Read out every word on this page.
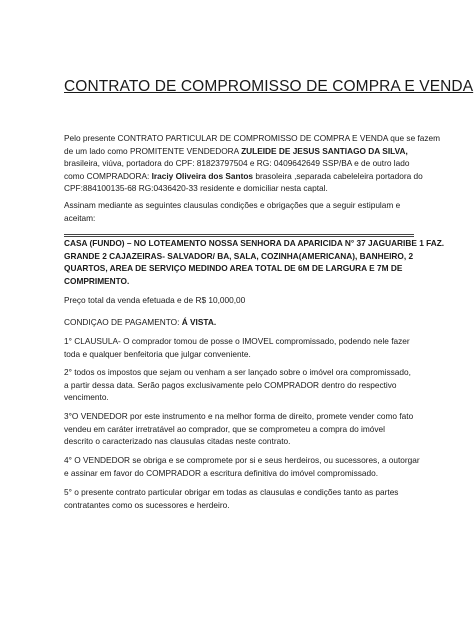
CONTRATO DE COMPROMISSO DE COMPRA E VENDA
Pelo presente CONTRATO PARTICULAR DE COMPROMISSO DE COMPRA E VENDA que se fazem
de um lado como PROMITENTE VENDEDORA ZULEIDE DE JESUS SANTIAGO DA SILVA,
brasileira, viúva, portadora do CPF: 81823797504 e RG: 0409642649 SSP/BA e de outro lado
como COMPRADORA: Iraciy Oliveira dos Santos brasoleira ,separada cabeleleira portadora do
CPF:884100135-68 RG:0436420-33 residente e domiciliar nesta captal.
Assinam mediante as seguintes clausulas condições e obrigações que a seguir estipulam e
aceitam:
CASA (FUNDO) – NO LOTEAMENTO NOSSA SENHORA DA APARICIDA N° 37 JAGUARIBE 1 FAZ.
GRANDE 2 CAJAZEIRAS- SALVADOR/ BA, SALA, COZINHA(AMERICANA), BANHEIRO, 2
QUARTOS, AREA DE SERVIÇO MEDINDO AREA TOTAL DE 6M DE LARGURA E 7M DE
COMPRIMENTO.
Preço total da venda efetuada e de R$ 10,000,00
CONDIÇAO DE PAGAMENTO: Á VISTA.
1° CLAUSULA- O comprador tomou de posse o IMOVEL compromissado, podendo nele fazer
toda e qualquer benfeitoria que julgar conveniente.
2° todos os impostos que sejam ou venham a ser lançado sobre o imóvel ora compromissado,
a partir dessa data. Serão pagos exclusivamente pelo COMPRADOR dentro do respectivo
vencimento.
3°O VENDEDOR por este instrumento e na melhor forma de direito, promete vender como fato
vendeu em caráter irretratável ao comprador, que se comprometeu a compra do imóvel
descrito o caracterizado nas clausulas citadas neste contrato.
4° O VENDEDOR se obriga e se compromete por si e seus herdeiros, ou sucessores, a outorgar
e assinar em favor do COMPRADOR a escritura definitiva do imóvel compromissado.
5° o presente contrato particular obrigar em todas as clausulas e condições tanto as partes
contratantes como os sucessores e herdeiro.
